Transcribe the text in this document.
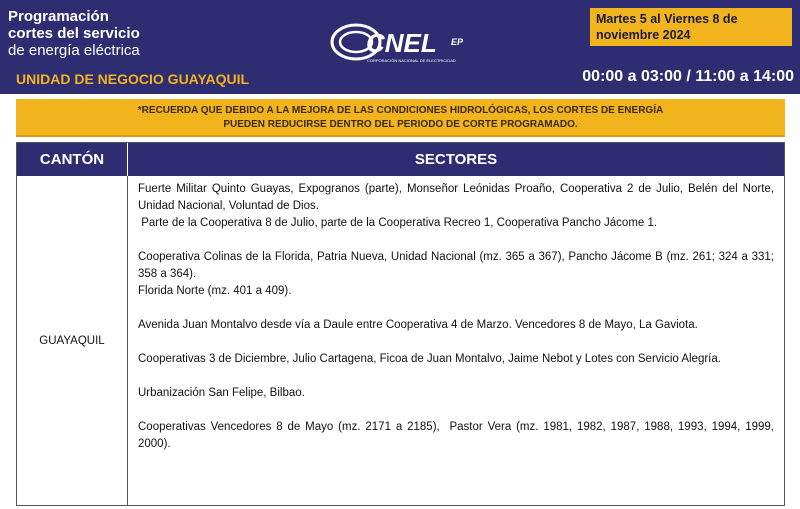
Programación
cortes del servicio
de energía eléctrica
UNIDAD DE NEGOCIO GUAYAQUIL
CNEL EP
CORPORACIÓN NACIONAL DE ELECTRICIDAD
Martes 5 al Viernes 8 de noviembre 2024
00:00 a 03:00 / 11:00 a 14:00
*RECUERDA QUE DEBIDO A LA MEJORA DE LAS CONDICIONES HIDROLÓGICAS, LOS CORTES DE ENERGÍA
PUEDEN REDUCIRSE DENTRO DEL PERIODO DE CORTE PROGRAMADO.
CANTÓN	SECTORES
GUAYAQUIL

Fuerte Militar Quinto Guayas, Expogranos (parte), Monseñor Leónidas Proaño, Cooperativa 2 de Julio, Belén del Norte, Unidad Nacional, Voluntad de Dios.

Parte de la Cooperativa 8 de Julio, parte de la Cooperativa Recreo 1, Cooperativa Pancho Jácome 1.

Cooperativa Colinas de la Florida, Patria Nueva, Unidad Nacional (mz. 365 a 367), Pancho Jácome B (mz. 261; 324 a 331; 358 a 364).

Florida Norte (mz. 401 a 409).

Avenida Juan Montalvo desde vía a Daule entre Cooperativa 4 de Marzo. Vencedores 8 de Mayo, La Gaviota.

Cooperativas 3 de Diciembre, Julio Cartagena, Ficoa de Juan Montalvo, Jaime Nebot y Lotes con Servicio Alegría.

Urbanización San Felipe, Bilbao.

Cooperativas Vencedores 8 de Mayo (mz. 2171 a 2185),  Pastor Vera (mz. 1981, 1982, 1987, 1988, 1993, 1994, 1999, 2000).
